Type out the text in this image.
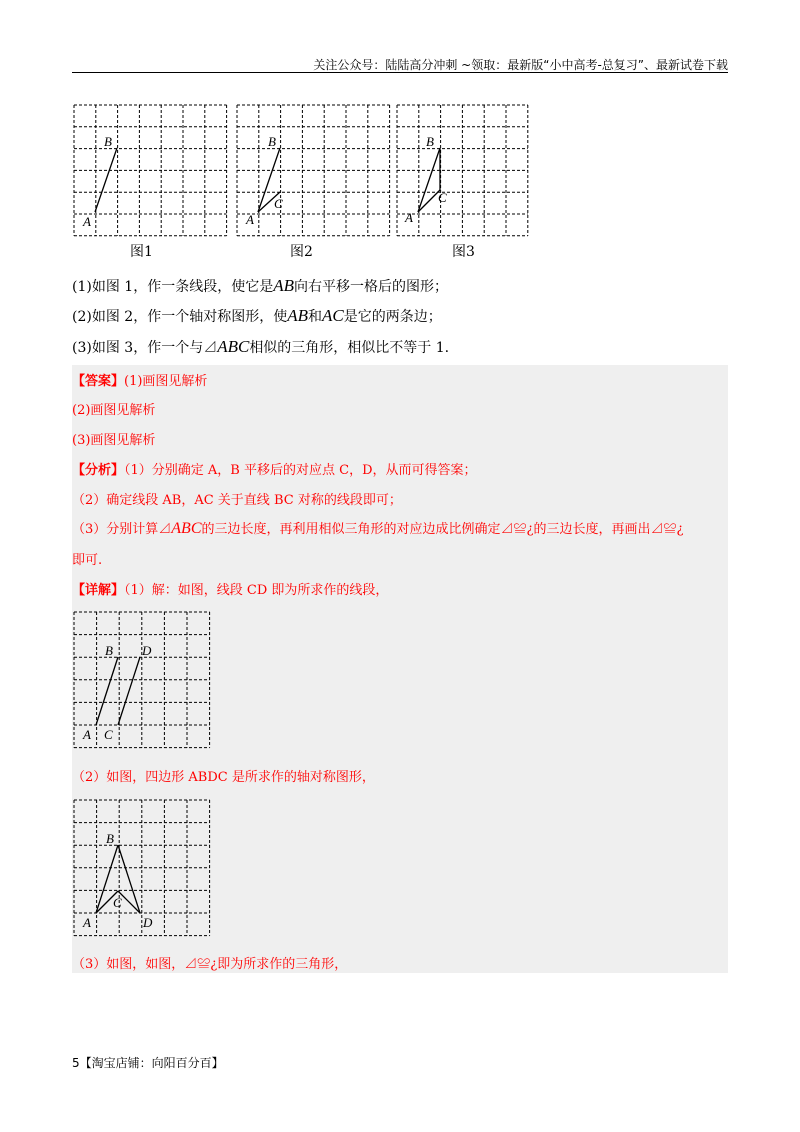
关注公众号：陆陆高分冲刺 ~领取：最新版“小中高考-总复习”、最新试卷下载
B
A
图1
B
A
C
图2
B
A
C
图3
(1)如图 1，作一条线段，使它是AB向右平移一格后的图形；
(2)如图 2，作一个轴对称图形，使AB和AC是它的两条边；
(3)如图 3，作一个与⊿ABC相似的三角形，相似比不等于 1.
【答案】(1)画图见解析
(2)画图见解析
(3)画图见解析
【分析】（1）分别确定 A，B 平移后的对应点 C，D，从而可得答案；
（2）确定线段 AB，AC 关于直线 BC 对称的线段即可；
（3）分别计算⊿ABC的三边长度，再利用相似三角形的对应边成比例确定⊿≌¿的三边长度，再画出⊿≌¿
即可.
【详解】（1）解：如图，线段 CD 即为所求作的线段，
B D
A C
（2）如图，四边形 ABDC 是所求作的轴对称图形，
B
A
C
D
（3）如图，如图，⊿≌¿即为所求作的三角形，
5【淘宝店铺：向阳百分百】
